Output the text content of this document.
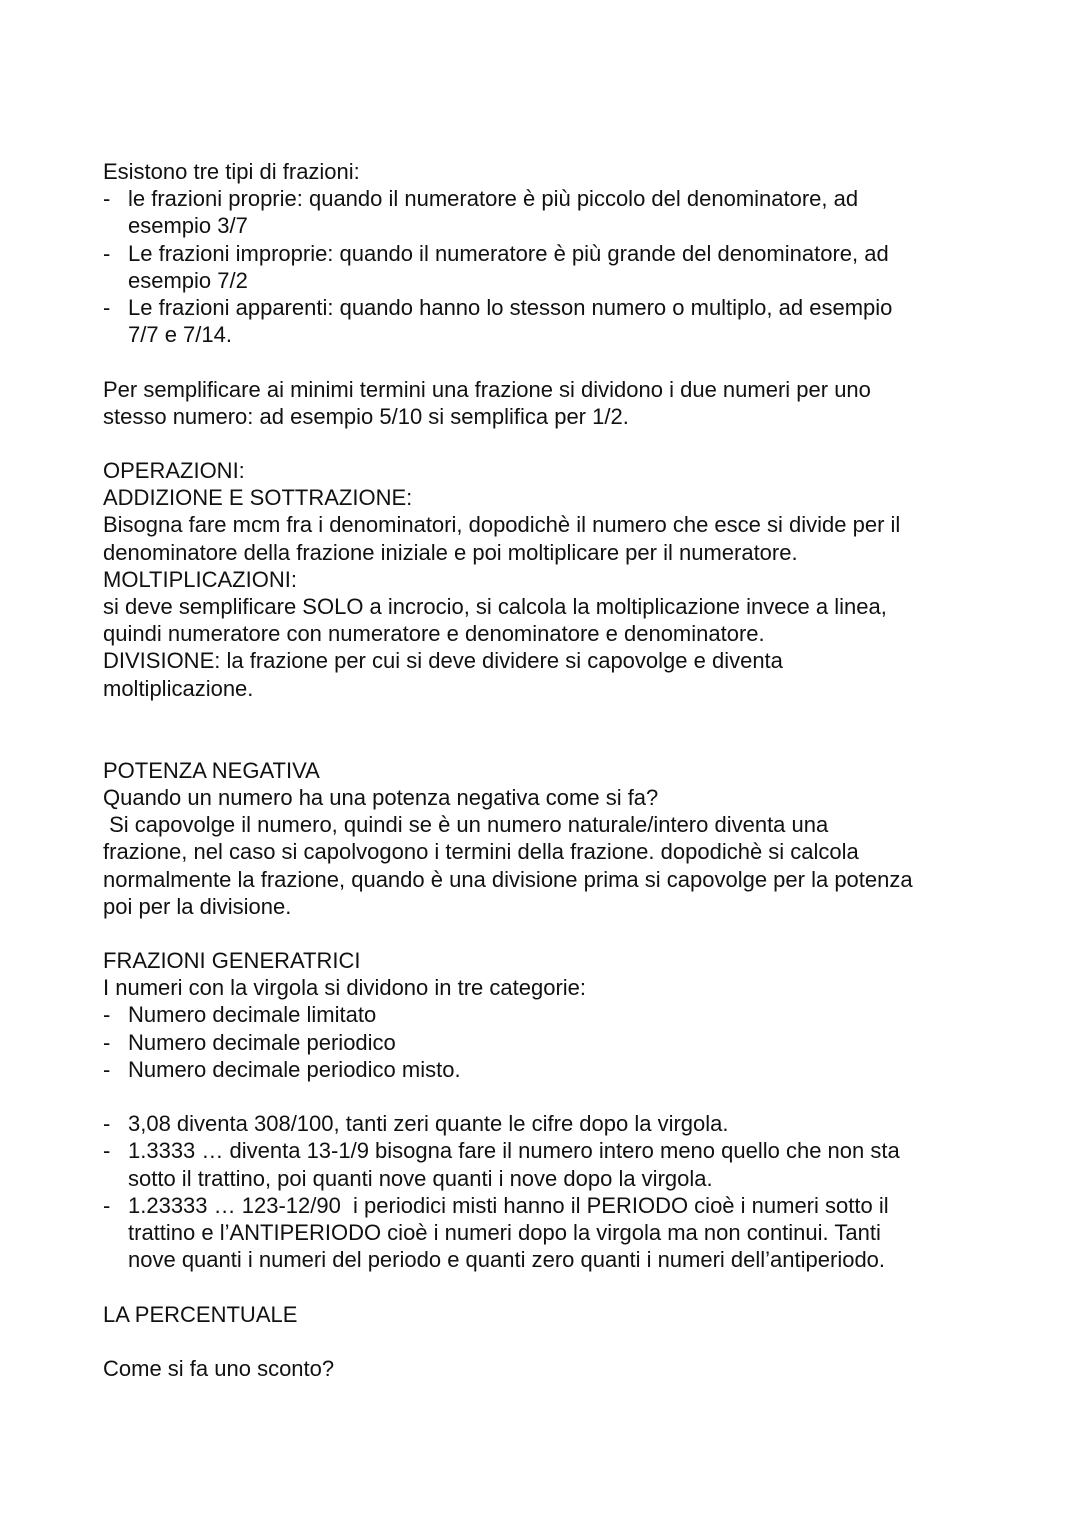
Esistono tre tipi di frazioni:
- le frazioni proprie: quando il numeratore è più piccolo del denominatore, ad
esempio 3/7
- Le frazioni improprie: quando il numeratore è più grande del denominatore, ad
esempio 7/2
- Le frazioni apparenti: quando hanno lo stesson numero o multiplo, ad esempio
7/7 e 7/14.
Per semplificare ai minimi termini una frazione si dividono i due numeri per uno
stesso numero: ad esempio 5/10 si semplifica per 1/2.
OPERAZIONI:
ADDIZIONE E SOTTRAZIONE:
Bisogna fare mcm fra i denominatori, dopodichè il numero che esce si divide per il
denominatore della frazione iniziale e poi moltiplicare per il numeratore.
MOLTIPLICAZIONI:
si deve semplificare SOLO a incrocio, si calcola la moltiplicazione invece a linea,
quindi numeratore con numeratore e denominatore e denominatore.
DIVISIONE: la frazione per cui si deve dividere si capovolge e diventa
moltiplicazione.
POTENZA NEGATIVA
Quando un numero ha una potenza negativa come si fa?
Si capovolge il numero, quindi se è un numero naturale/intero diventa una
frazione, nel caso si capolvogono i termini della frazione. dopodichè si calcola
normalmente la frazione, quando è una divisione prima si capovolge per la potenza
poi per la divisione.
FRAZIONI GENERATRICI
I numeri con la virgola si dividono in tre categorie:
- Numero decimale limitato
- Numero decimale periodico
- Numero decimale periodico misto.
- 3,08 diventa 308/100, tanti zeri quante le cifre dopo la virgola.
- 1.3333 … diventa 13-1/9 bisogna fare il numero intero meno quello che non sta
sotto il trattino, poi quanti nove quanti i nove dopo la virgola.
- 1.23333 … 123-12/90  i periodici misti hanno il PERIODO cioè i numeri sotto il
trattino e l’ANTIPERIODO cioè i numeri dopo la virgola ma non continui. Tanti
nove quanti i numeri del periodo e quanti zero quanti i numeri dell’antiperiodo.
LA PERCENTUALE
Come si fa uno sconto?
